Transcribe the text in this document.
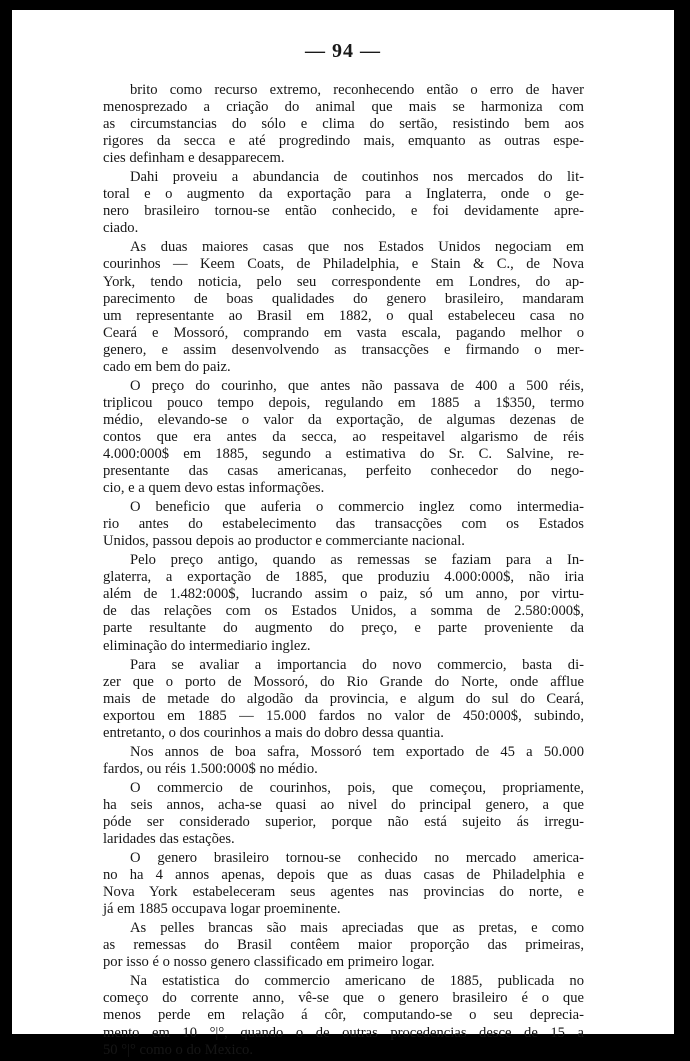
— 94 —
brito como recurso extremo, reconhecendo então o erro de haver
menosprezado a criação do animal que mais se harmoniza com
as circumstancias do sólo e clima do sertão, resistindo bem aos
rigores da secca e até progredindo mais, emquanto as outras espe-
cies definham e desapparecem.
Dahi proveiu a abundancia de coutinhos nos mercados do lit-
toral e o augmento da exportação para a Inglaterra, onde o ge-
nero brasileiro tornou-se então conhecido, e foi devidamente apre-
ciado.
As duas maiores casas que nos Estados Unidos negociam em
courinhos — Keem Coats, de Philadelphia, e Stain & C., de Nova
York, tendo noticia, pelo seu correspondente em Londres, do ap-
parecimento de boas qualidades do genero brasileiro, mandaram
um representante ao Brasil em 1882, o qual estabeleceu casa no
Ceará e Mossoró, comprando em vasta escala, pagando melhor o
genero, e assim desenvolvendo as transacções e firmando o mer-
cado em bem do paiz.
O preço do courinho, que antes não passava de 400 a 500 réis,
triplicou pouco tempo depois, regulando em 1885 a 1$350, termo
médio, elevando-se o valor da exportação, de algumas dezenas de
contos que era antes da secca, ao respeitavel algarismo de réis
4.000:000$ em 1885, segundo a estimativa do Sr. C. Salvine, re-
presentante das casas americanas, perfeito conhecedor do nego-
cio, e a quem devo estas informações.
O beneficio que auferia o commercio inglez como intermedia-
rio antes do estabelecimento das transacções com os Estados
Unidos, passou depois ao productor e commerciante nacional.
Pelo preço antigo, quando as remessas se faziam para a In-
glaterra, a exportação de 1885, que produziu 4.000:000$, não iria
além de 1.482:000$, lucrando assim o paiz, só um anno, por virtu-
de das relações com os Estados Unidos, a somma de 2.580:000$,
parte resultante do augmento do preço, e parte proveniente da
eliminação do intermediario inglez.
Para se avaliar a importancia do novo commercio, basta di-
zer que o porto de Mossoró, do Rio Grande do Norte, onde afflue
mais de metade do algodão da provincia, e algum do sul do Ceará,
exportou em 1885 — 15.000 fardos no valor de 450:000$, subindo,
entretanto, o dos courinhos a mais do dobro dessa quantia.
Nos annos de boa safra, Mossoró tem exportado de 45 a 50.000
fardos, ou réis 1.500:000$ no médio.
O commercio de courinhos, pois, que começou, propriamente,
ha seis annos, acha-se quasi ao nivel do principal genero, a que
póde ser considerado superior, porque não está sujeito ás irregu-
laridades das estações.
O genero brasileiro tornou-se conhecido no mercado america-
no ha 4 annos apenas, depois que as duas casas de Philadelphia e
Nova York estabeleceram seus agentes nas provincias do norte, e
já em 1885 occupava logar proeminente.
As pelles brancas são mais apreciadas que as pretas, e como
as remessas do Brasil contêem maior proporção das primeiras,
por isso é o nosso genero classificado em primeiro logar.
Na estatistica do commercio americano de 1885, publicada no
começo do corrente anno, vê-se que o genero brasileiro é o que
menos perde em relação á côr, computando-se o seu deprecia-
mento em 10 °|°, quando o de outras procedencias desce de 15 a
50 °|° como o do Mexico.
